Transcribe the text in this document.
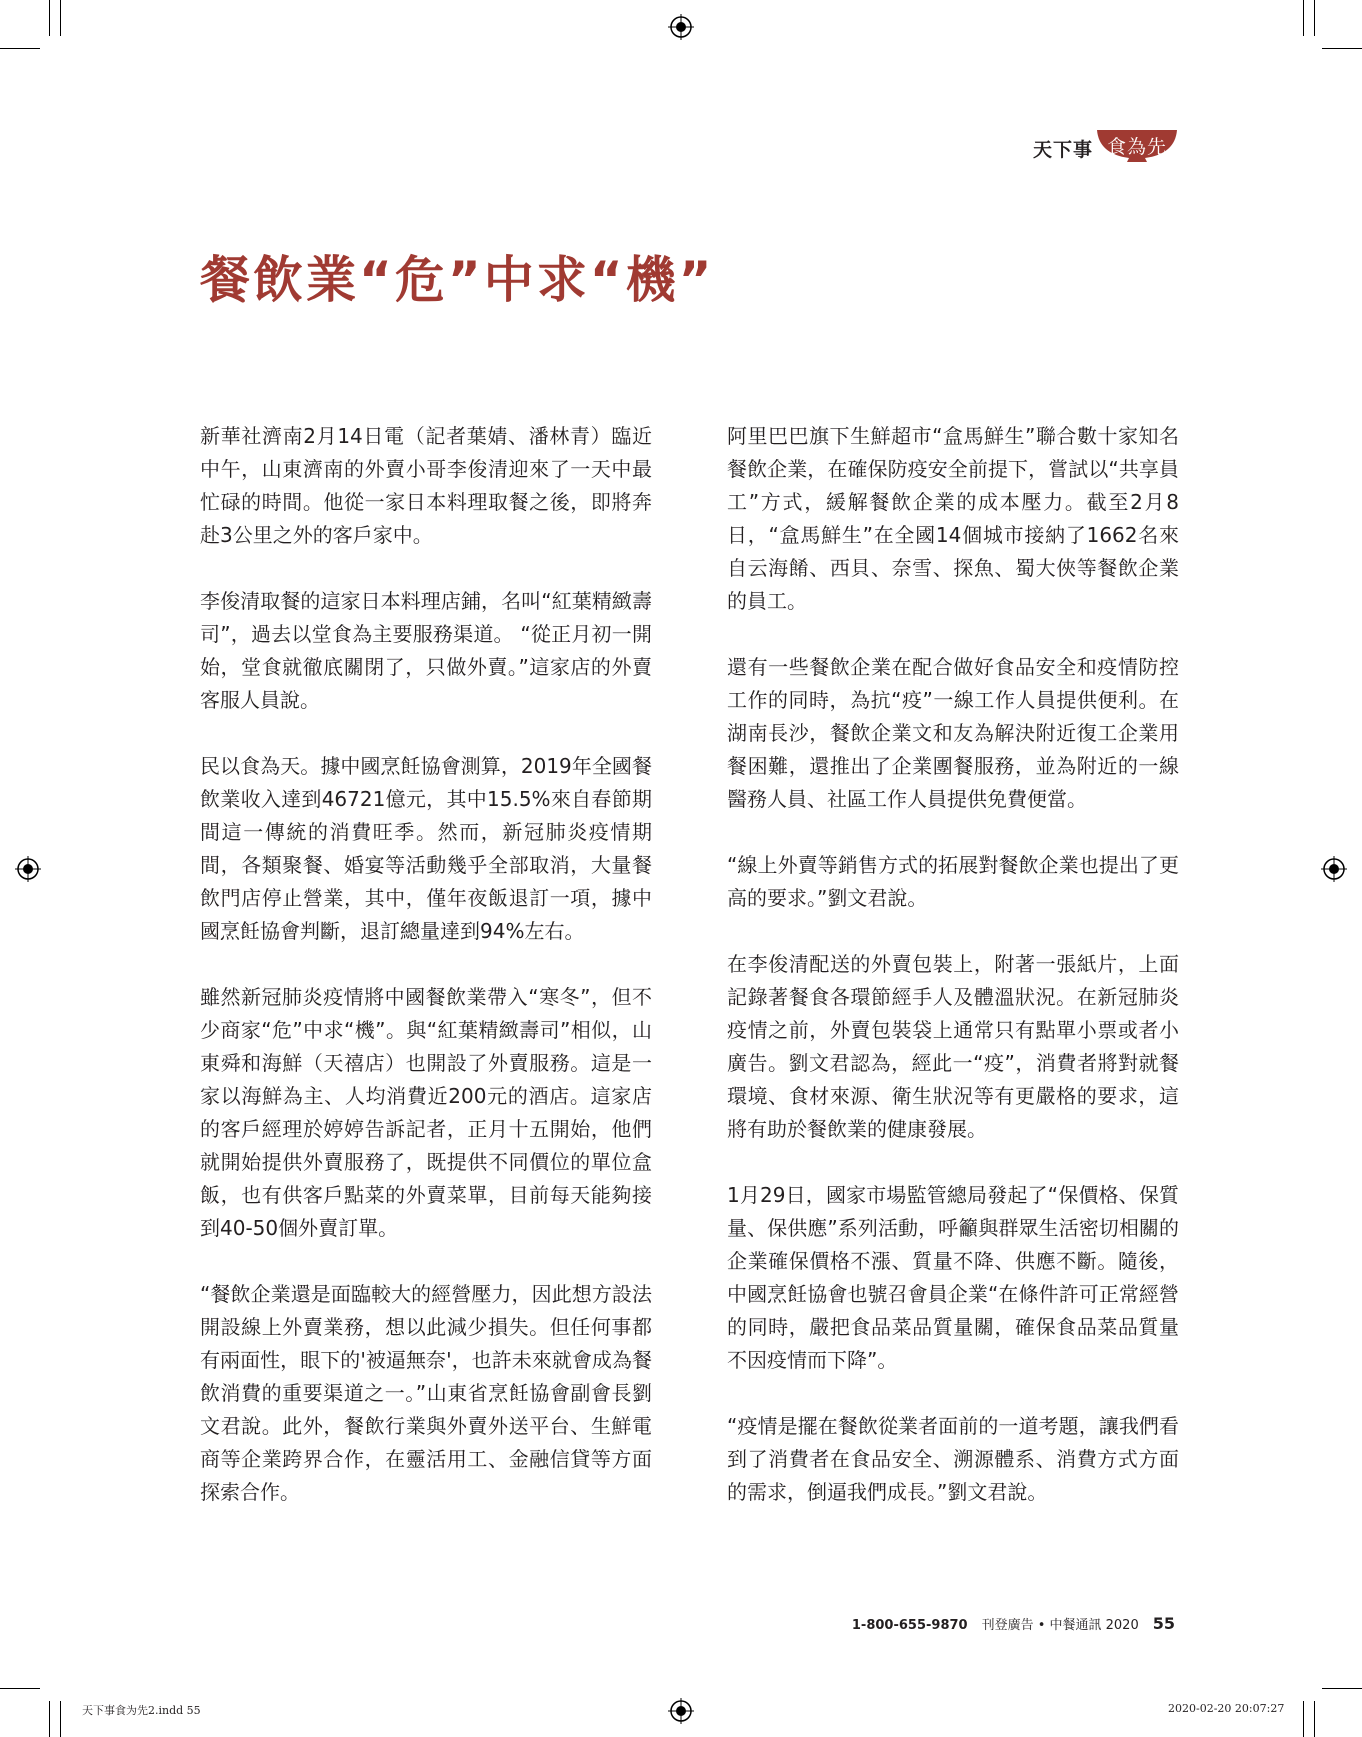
天下事 食為先
餐飲業“危”中求“機”

新華社濟南2月14日電（記者葉婧、潘林青）臨近中午，山東濟南的外賣小哥李俊清迎來了一天中最忙碌的時間。他從一家日本料理取餐之後，即將奔赴3公里之外的客戶家中。

李俊清取餐的這家日本料理店鋪，名叫“紅葉精緻壽司”，過去以堂食為主要服務渠道。 “從正月初一開始，堂食就徹底關閉了，只做外賣。”這家店的外賣客服人員說。

民以食為天。據中國烹飪協會測算，2019年全國餐飲業收入達到46721億元，其中15.5%來自春節期間這一傳統的消費旺季。然而，新冠肺炎疫情期間，各類聚餐、婚宴等活動幾乎全部取消，大量餐飲門店停止營業，其中，僅年夜飯退訂一項，據中國烹飪協會判斷，退訂總量達到94%左右。

雖然新冠肺炎疫情將中國餐飲業帶入“寒冬”，但不少商家“危”中求“機”。與“紅葉精緻壽司”相似，山東舜和海鮮（天禧店）也開設了外賣服務。這是一家以海鮮為主、人均消費近200元的酒店。這家店的客戶經理於婷婷告訴記者，正月十五開始，他們就開始提供外賣服務了，既提供不同價位的單位盒飯，也有供客戶點菜的外賣菜單，目前每天能夠接到40-50個外賣訂單。

“餐飲企業還是面臨較大的經營壓力，因此想方設法開設線上外賣業務，想以此減少損失。但任何事都有兩面性，眼下的'被逼無奈'，也許未來就會成為餐飲消費的重要渠道之一。”山東省烹飪協會副會長劉文君說。此外，餐飲行業與外賣外送平台、生鮮電商等企業跨界合作，在靈活用工、金融信貸等方面探索合作。

阿里巴巴旗下生鮮超市“盒馬鮮生”聯合數十家知名餐飲企業，在確保防疫安全前提下，嘗試以“共享員工”方式，緩解餐飲企業的成本壓力。截至2月8日，“盒馬鮮生”在全國14個城市接納了1662名來自云海餚、西貝、奈雪、探魚、蜀大俠等餐飲企業的員工。

還有一些餐飲企業在配合做好食品安全和疫情防控工作的同時，為抗“疫”一線工作人員提供便利。在湖南長沙，餐飲企業文和友為解決附近復工企業用餐困難，還推出了企業團餐服務，並為附近的一線醫務人員、社區工作人員提供免費便當。

“線上外賣等銷售方式的拓展對餐飲企業也提出了更高的要求。”劉文君說。

在李俊清配送的外賣包裝上，附著一張紙片，上面記錄著餐食各環節經手人及體溫狀況。在新冠肺炎疫情之前，外賣包裝袋上通常只有點單小票或者小廣告。劉文君認為，經此一“疫”，消費者將對就餐環境、食材來源、衛生狀況等有更嚴格的要求，這將有助於餐飲業的健康發展。

1月29日，國家市場監管總局發起了“保價格、保質量、保供應”系列活動，呼籲與群眾生活密切相關的企業確保價格不漲、質量不降、供應不斷。隨後，中國烹飪協會也號召會員企業“在條件許可正常經營的同時，嚴把食品菜品質量關，確保食品菜品質量不因疫情而下降”。

“疫情是擺在餐飲從業者面前的一道考題，讓我們看到了消費者在食品安全、溯源體系、消費方式方面的需求，倒逼我們成長。”劉文君說。

1-800-655-9870 刊登廣告 • 中餐通訊 2020 55
天下事食为先2.indd 55	2020-02-20 20:07:27
